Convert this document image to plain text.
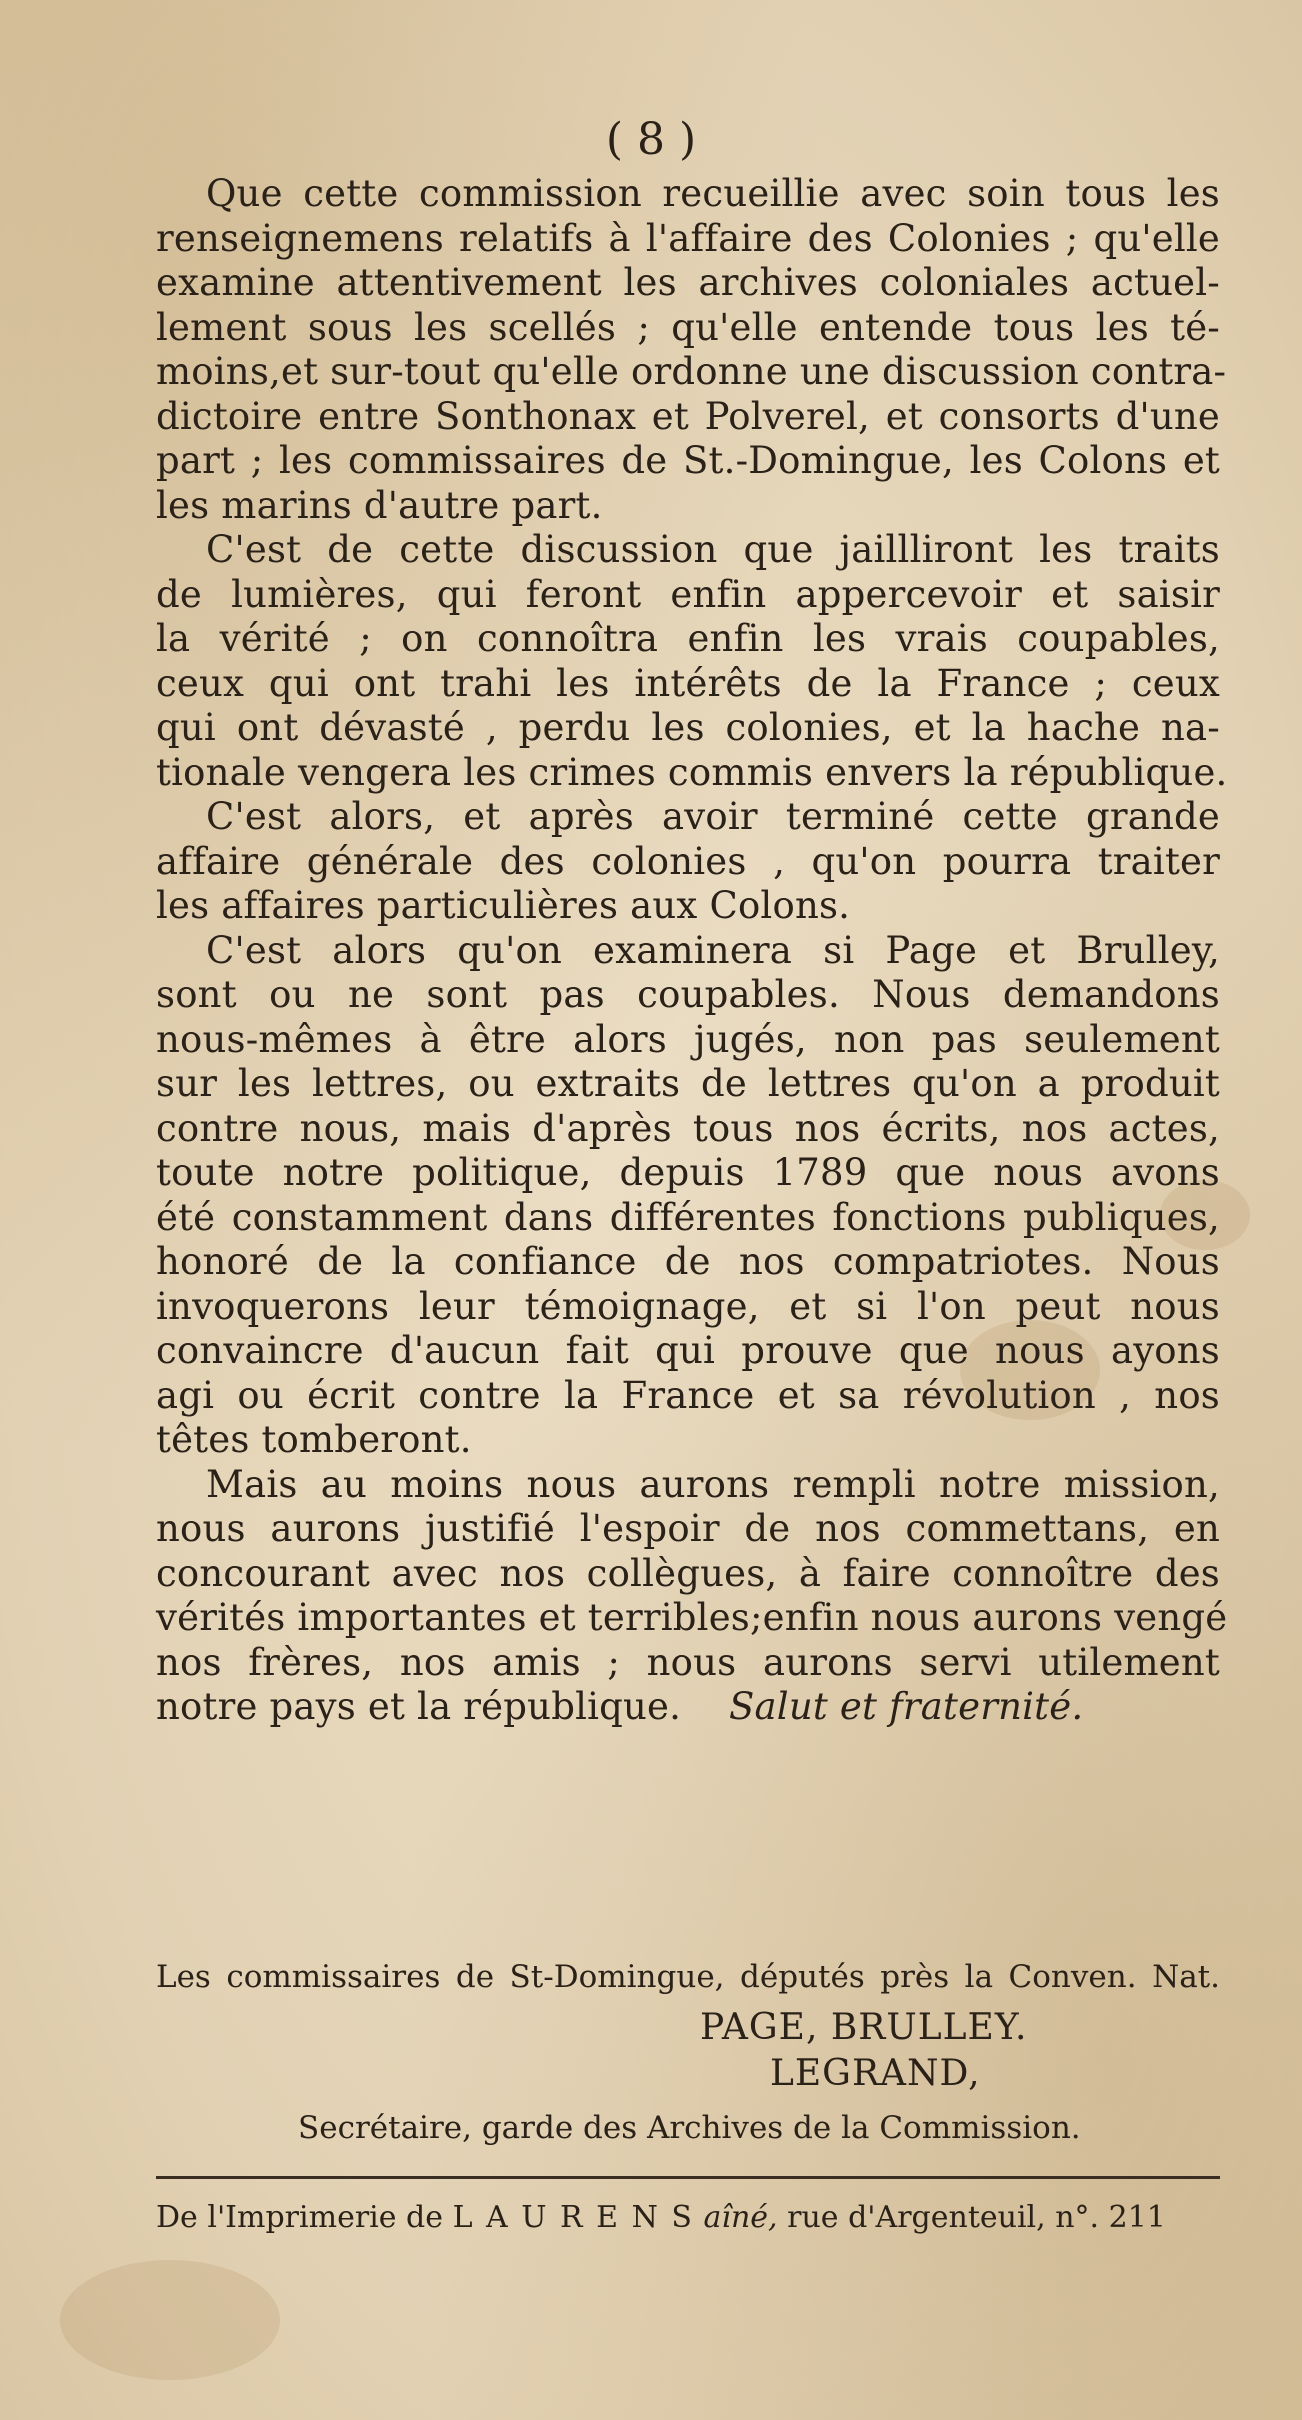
( 8 )
Que cette commission recueillie avec soin tous les
renseignemens relatifs à l'affaire des Colonies ; qu'elle
examine attentivement les archives coloniales actuel-
lement sous les scellés ; qu'elle entende tous les té-
moins,et sur-tout qu'elle ordonne une discussion contra-
dictoire entre Sonthonax et Polverel, et consorts d'une
part ; les commissaires de St.-Domingue, les Colons et
les marins d'autre part.
C'est de cette discussion que jaillliront les traits
de lumières, qui feront enfin appercevoir et saisir
la vérité ; on connoîtra enfin les vrais coupables,
ceux qui ont trahi les intérêts de la France ; ceux
qui ont dévasté , perdu les colonies, et la hache na-
tionale vengera les crimes commis envers la république.
C'est alors, et après avoir terminé cette grande
affaire générale des colonies , qu'on pourra traiter
les affaires particulières aux Colons.
C'est alors qu'on examinera si Page et Brulley,
sont ou ne sont pas coupables. Nous demandons
nous-mêmes à être alors jugés, non pas seulement
sur les lettres, ou extraits de lettres qu'on a produit
contre nous, mais d'après tous nos écrits, nos actes,
toute notre politique, depuis 1789 que nous avons
été constamment dans différentes fonctions publiques,
honoré de la confiance de nos compatriotes. Nous
invoquerons leur témoignage, et si l'on peut nous
convaincre d'aucun fait qui prouve que nous ayons
agi ou écrit contre la France et sa révolution , nos
têtes tomberont.
Mais au moins nous aurons rempli notre mission,
nous aurons justifié l'espoir de nos commettans, en
concourant avec nos collègues, à faire connoître des
vérités importantes et terribles;enfin nous aurons vengé
nos frères, nos amis ; nous aurons servi utilement
notre pays et la république. Salut et fraternité.
Les commissaires de St-Domingue, députés près la Conven. Nat.
PAGE, BRULLEY.
LEGRAND,
Secrétaire, garde des Archives de la Commission.
De l'Imprimerie de L A U R E N S aîné, rue d'Argenteuil, n°. 211
